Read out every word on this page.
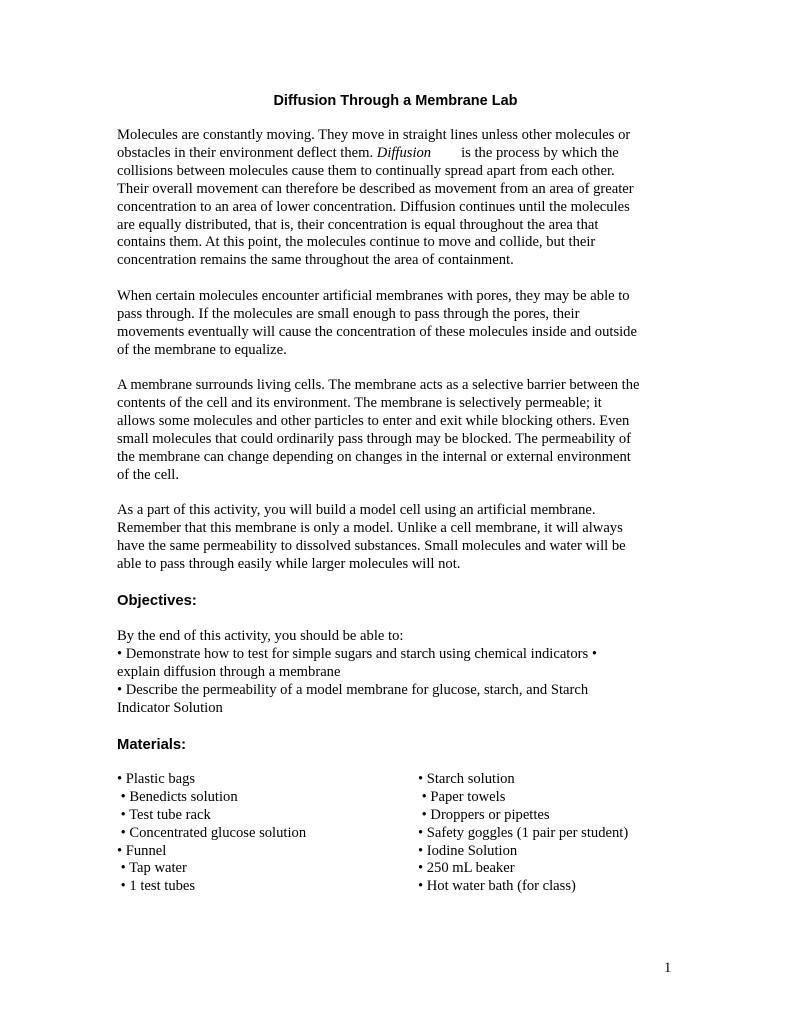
Diffusion Through a Membrane Lab

Molecules are constantly moving. They move in straight lines unless other molecules or
obstacles in their environment deflect them. Diffusion is the process by which the
collisions between molecules cause them to continually spread apart from each other.
Their overall movement can therefore be described as movement from an area of greater
concentration to an area of lower concentration. Diffusion continues until the molecules
are equally distributed, that is, their concentration is equal throughout the area that
contains them. At this point, the molecules continue to move and collide, but their
concentration remains the same throughout the area of containment.

When certain molecules encounter artificial membranes with pores, they may be able to
pass through. If the molecules are small enough to pass through the pores, their
movements eventually will cause the concentration of these molecules inside and outside
of the membrane to equalize.

A membrane surrounds living cells. The membrane acts as a selective barrier between the
contents of the cell and its environment. The membrane is selectively permeable; it
allows some molecules and other particles to enter and exit while blocking others. Even
small molecules that could ordinarily pass through may be blocked. The permeability of
the membrane can change depending on changes in the internal or external environment
of the cell.

As a part of this activity, you will build a model cell using an artificial membrane.
Remember that this membrane is only a model. Unlike a cell membrane, it will always
have the same permeability to dissolved substances. Small molecules and water will be
able to pass through easily while larger molecules will not.

Objectives:

By the end of this activity, you should be able to:
• Demonstrate how to test for simple sugars and starch using chemical indicators •
explain diffusion through a membrane
• Describe the permeability of a model membrane for glucose, starch, and Starch
Indicator Solution

Materials:
• Plastic bags
• Benedicts solution
• Test tube rack
• Concentrated glucose solution
• Funnel
• Tap water
• 1 test tubes
• Starch solution
• Paper towels
• Droppers or pipettes
• Safety goggles (1 pair per student)
• Iodine Solution
• 250 mL beaker
• Hot water bath (for class)
1
